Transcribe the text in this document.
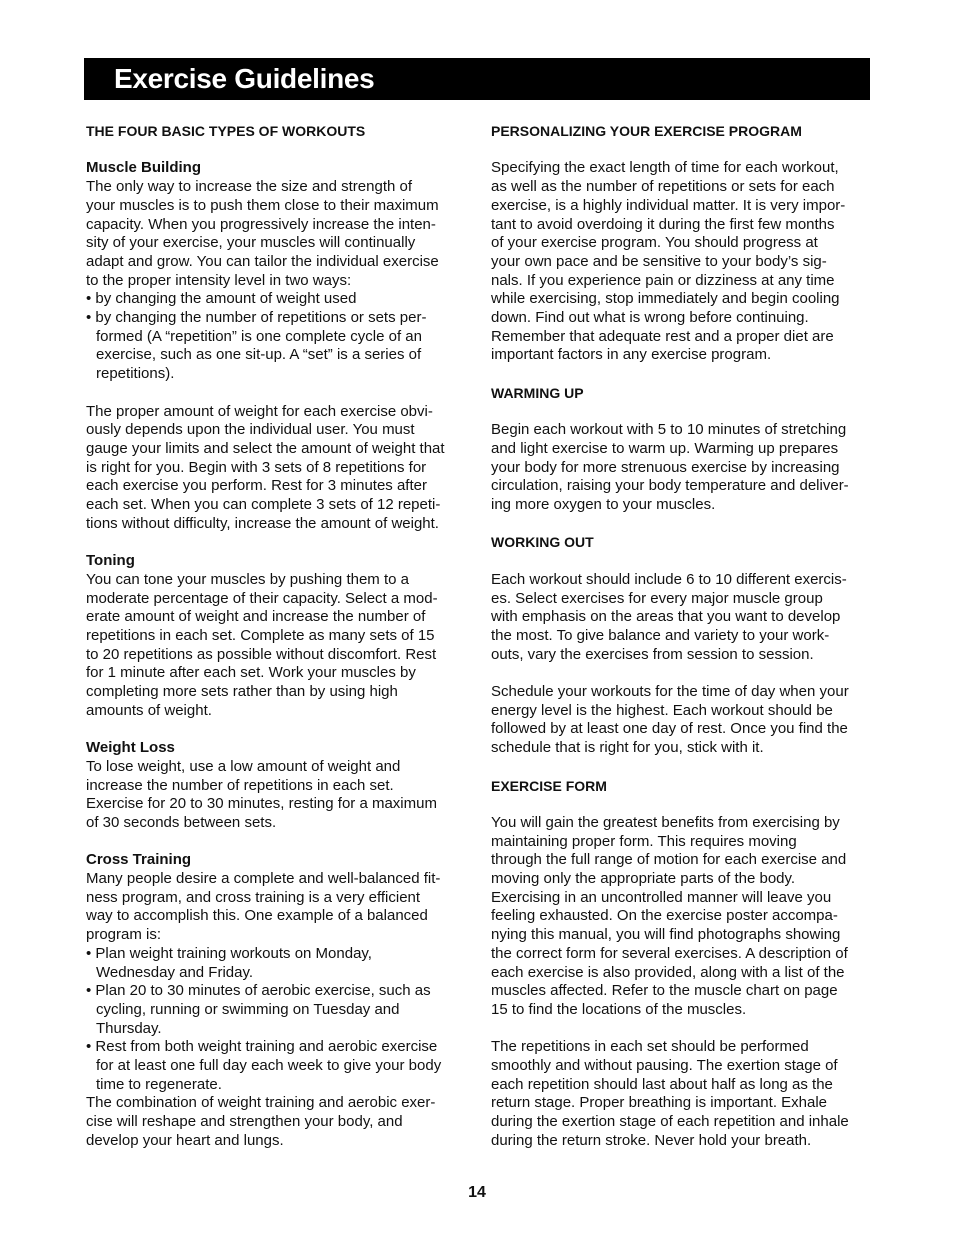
Exercise Guidelines
THE FOUR BASIC TYPES OF WORKOUTS
Muscle Building
The only way to increase the size and strength of
your muscles is to push them close to their maximum
capacity. When you progressively increase the inten-
sity of your exercise, your muscles will continually
adapt and grow. You can tailor the individual exercise
to the proper intensity level in two ways:
• by changing the amount of weight used
• by changing the number of repetitions or sets per-
formed (A “repetition” is one complete cycle of an
exercise, such as one sit-up. A “set” is a series of
repetitions).
The proper amount of weight for each exercise obvi-
ously depends upon the individual user. You must
gauge your limits and select the amount of weight that
is right for you. Begin with 3 sets of 8 repetitions for
each exercise you perform. Rest for 3 minutes after
each set. When you can complete 3 sets of 12 repeti-
tions without difficulty, increase the amount of weight.
Toning
You can tone your muscles by pushing them to a
moderate percentage of their capacity. Select a mod-
erate amount of weight and increase the number of
repetitions in each set. Complete as many sets of 15
to 20 repetitions as possible without discomfort. Rest
for 1 minute after each set. Work your muscles by
completing more sets rather than by using high
amounts of weight.
Weight Loss
To lose weight, use a low amount of weight and
increase the number of repetitions in each set.
Exercise for 20 to 30 minutes, resting for a maximum
of 30 seconds between sets.
Cross Training
Many people desire a complete and well-balanced fit-
ness program, and cross training is a very efficient
way to accomplish this. One example of a balanced
program is:
• Plan weight training workouts on Monday,
Wednesday and Friday.
• Plan 20 to 30 minutes of aerobic exercise, such as
cycling, running or swimming on Tuesday and
Thursday.
• Rest from both weight training and aerobic exercise
for at least one full day each week to give your body
time to regenerate.
The combination of weight training and aerobic exer-
cise will reshape and strengthen your body, and
develop your heart and lungs.
PERSONALIZING YOUR EXERCISE PROGRAM
Specifying the exact length of time for each workout,
as well as the number of repetitions or sets for each
exercise, is a highly individual matter. It is very impor-
tant to avoid overdoing it during the first few months
of your exercise program. You should progress at
your own pace and be sensitive to your body’s sig-
nals. If you experience pain or dizziness at any time
while exercising, stop immediately and begin cooling
down. Find out what is wrong before continuing.
Remember that adequate rest and a proper diet are
important factors in any exercise program.
WARMING UP
Begin each workout with 5 to 10 minutes of stretching
and light exercise to warm up. Warming up prepares
your body for more strenuous exercise by increasing
circulation, raising your body temperature and deliver-
ing more oxygen to your muscles.
WORKING OUT
Each workout should include 6 to 10 different exercis-
es. Select exercises for every major muscle group
with emphasis on the areas that you want to develop
the most. To give balance and variety to your work-
outs, vary the exercises from session to session.
Schedule your workouts for the time of day when your
energy level is the highest. Each workout should be
followed by at least one day of rest. Once you find the
schedule that is right for you, stick with it.
EXERCISE FORM
You will gain the greatest benefits from exercising by
maintaining proper form. This requires moving
through the full range of motion for each exercise and
moving only the appropriate parts of the body.
Exercising in an uncontrolled manner will leave you
feeling exhausted. On the exercise poster accompa-
nying this manual, you will find photographs showing
the correct form for several exercises. A description of
each exercise is also provided, along with a list of the
muscles affected. Refer to the muscle chart on page
15 to find the locations of the muscles.
The repetitions in each set should be performed
smoothly and without pausing. The exertion stage of
each repetition should last about half as long as the
return stage. Proper breathing is important. Exhale
during the exertion stage of each repetition and inhale
during the return stroke. Never hold your breath.
14
